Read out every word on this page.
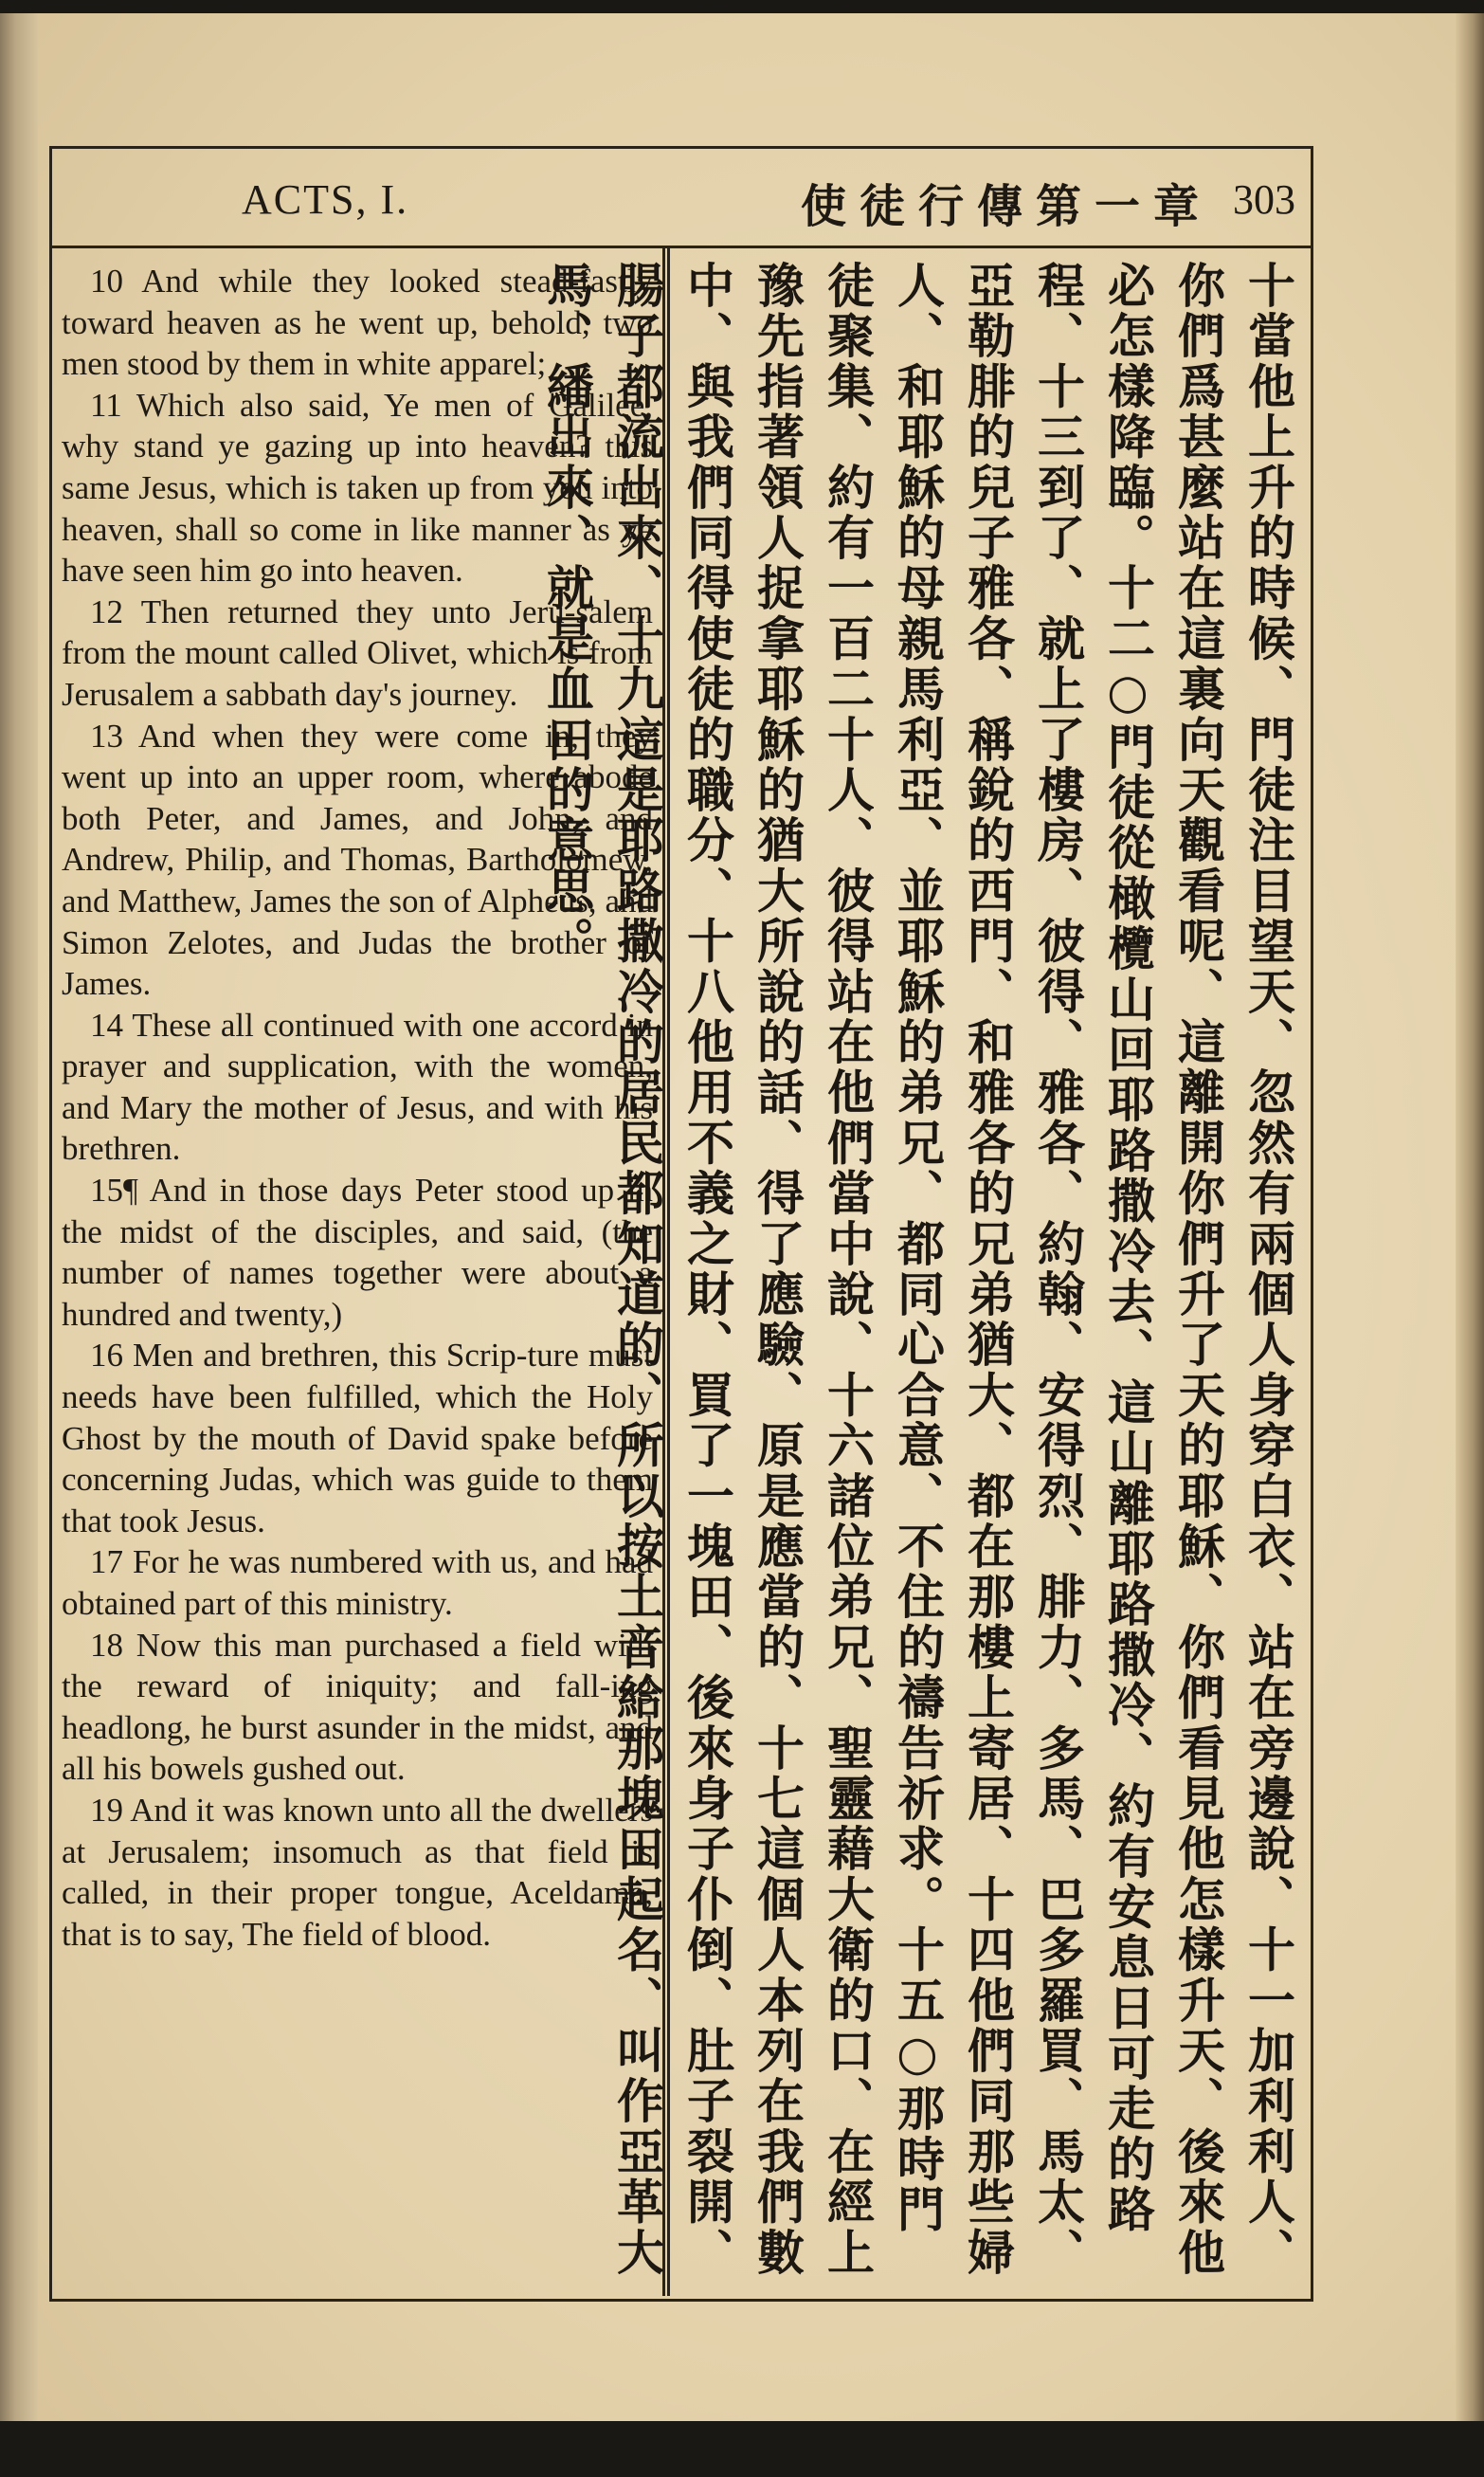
ACTS, I.	使徒行傳第一章 303

10 And while they looked stead-fastly toward heaven as he went up, behold, two men stood by them in white apparel;

11 Which also said, Ye men of Galilee, why stand ye gazing up into heaven? this same Jesus, which is taken up from you into heaven, shall so come in like manner as ye have seen him go into heaven.

12 Then returned they unto Jeru-salem from the mount called Olivet, which is from Jerusalem a sabbath day's journey.

13 And when they were come in, they went up into an upper room, where abode both Peter, and James, and John, and Andrew, Philip, and Thomas, Bartholomew, and Matthew, James the son of Alpheus, and Simon Zelotes, and Judas the brother of James.

14 These all continued with one accord in prayer and supplication, with the women, and Mary the mother of Jesus, and with his brethren.

15¶ And in those days Peter stood up in the midst of the disciples, and said, (the number of names together were about a hundred and twenty,)

16 Men and brethren, this Scrip-ture must needs have been fulfilled, which the Holy Ghost by the mouth of David spake before concerning Judas, which was guide to them that took Jesus.

17 For he was numbered with us, and had obtained part of this ministry.

18 Now this man purchased a field with the reward of iniquity; and fall-ing headlong, he burst asunder in the midst, and all his bowels gushed out.

19 And it was known unto all the dwellers at Jerusalem; insomuch as that field is called, in their proper tongue, Aceldama, that is to say, The field of blood.	十當他上升的時候、門徒注目望天、忽然有兩個人身穿白衣、站在旁邊說、十一加利利人、你們爲甚麼站在這裏向天觀看呢、這離開你們升了天的耶穌、你們看見他怎樣升天、後來他必怎樣降臨。十二○門徒從橄欖山回耶路撒冷去、這山離耶路撒冷、約有安息日可走的路程、十三到了、就上了樓房、彼得、雅各、約翰、安得烈、腓力、多馬、巴多羅買、馬太、亞勒腓的兒子雅各、稱銳的西門、和雅各的兄弟猶大、都在那樓上寄居、十四他們同那些婦人、和耶穌的母親馬利亞、並耶穌的弟兄、都同心合意、不住的禱告祈求。十五○那時門徒聚集、約有一百二十人、彼得站在他們當中說、十六諸位弟兄、聖靈藉大衛的口、在經上豫先指著領人捉拿耶穌的猶大所說的話、得了應驗、原是應當的、十七這個人本列在我們數中、與我們同得使徒的職分、十八他用不義之財、買了一塊田、後來身子仆倒、肚子裂開、腸子都流出來、十九這是耶路撒冷的居民都知道的、所以按土音給那塊田起名、叫作亞革大馬、繙出來、就是血田的意思。
